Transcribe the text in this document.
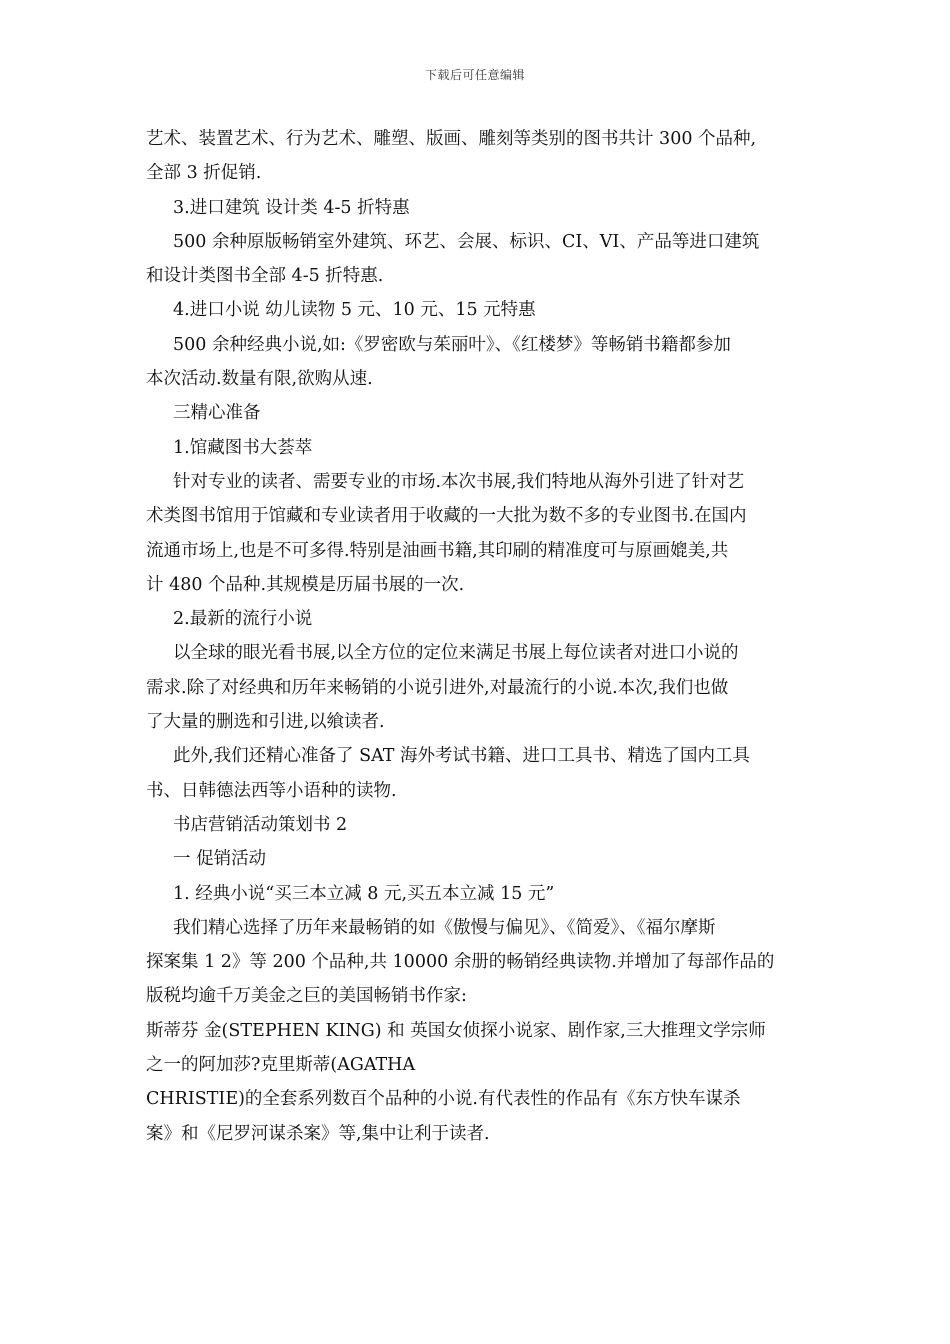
下载后可任意编辑
艺术、装置艺术、行为艺术、雕塑、版画、雕刻等类别的图书共计 300 个品种,
全部 3 折促销.
3.进口建筑 设计类 4-5 折特惠
500 余种原版畅销室外建筑、环艺、会展、标识、CI、VI、产品等进口建筑
和设计类图书全部 4-5 折特惠.
4.进口小说 幼儿读物 5 元、10 元、15 元特惠
500 余种经典小说,如:《罗密欧与茱丽叶》、《红楼梦》等畅销书籍都参加
本次活动.数量有限,欲购从速.
三精心准备
1.馆藏图书大荟萃
针对专业的读者、需要专业的市场.本次书展,我们特地从海外引进了针对艺
术类图书馆用于馆藏和专业读者用于收藏的一大批为数不多的专业图书.在国内
流通市场上,也是不可多得.特别是油画书籍,其印刷的精准度可与原画媲美,共
计 480 个品种.其规模是历届书展的一次.
2.最新的流行小说
以全球的眼光看书展,以全方位的定位来满足书展上每位读者对进口小说的
需求.除了对经典和历年来畅销的小说引进外,对最流行的小说.本次,我们也做
了大量的删选和引进,以飨读者.
此外,我们还精心准备了 SAT 海外考试书籍、进口工具书、精选了国内工具
书、日韩德法西等小语种的读物.
书店营销活动策划书 2
一 促销活动
1. 经典小说“买三本立减 8 元,买五本立减 15 元”
我们精心选择了历年来最畅销的如《傲慢与偏见》、《简爱》、《福尔摩斯
探案集 1 2》等 200 个品种,共 10000 余册的畅销经典读物.并增加了每部作品的
版税均逾千万美金之巨的美国畅销书作家:
斯蒂芬 金(STEPHEN KING) 和 英国女侦探小说家、剧作家,三大推理文学宗师
之一的阿加莎?克里斯蒂(AGATHA
CHRISTIE)的全套系列数百个品种的小说.有代表性的作品有《东方快车谋杀
案》和《尼罗河谋杀案》等,集中让利于读者.
